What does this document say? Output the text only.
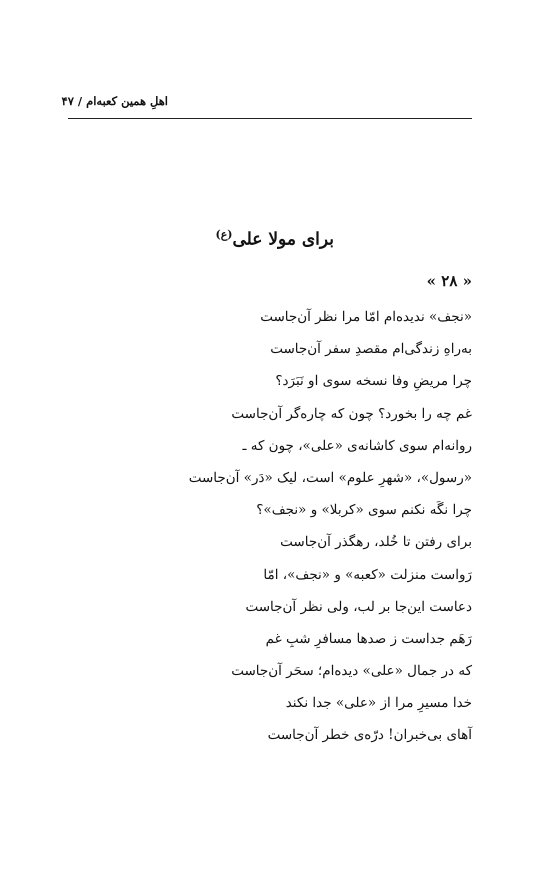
اهلِ همین کعبه‌ام / ۴۷
برای مولا علی$^{(ع)}$
« ۲۸ »
«نجف» ندیده‌ام امّا مرا نظر آن‌جاست
به‌راهِ زندگی‌ام مقصدِ سفر آن‌جاست
چرا مریضِ وفا نسخه سوی او نَبَرَد؟
غم چه را بخورد؟ چون که چاره‌گر آن‌جاست
روانه‌ام سوی کاشانه‌ی «علی»، چون که ـ
«رسول»، «شهرِ علوم» است، لیک «دَر» آن‌جاست
چرا نگَه نکنم سوی «کربلا» و «نجف»؟
برای رفتن تا خُلد، رهگذر آن‌جاست
رَواست منزلت «کعبه» و «نجف»، امّا
دعاست این‌جا بر لب، ولی نظر آن‌جاست
رَهَم جداست ز صدها مسافرِ شبِ غم
که در جمال «علی» دیده‌ام؛ سحَر آن‌جاست
خدا مسیرِ مرا از «علی» جدا نکند
آهای بی‌خبران! درّه‌ی خطر آن‌جاست
